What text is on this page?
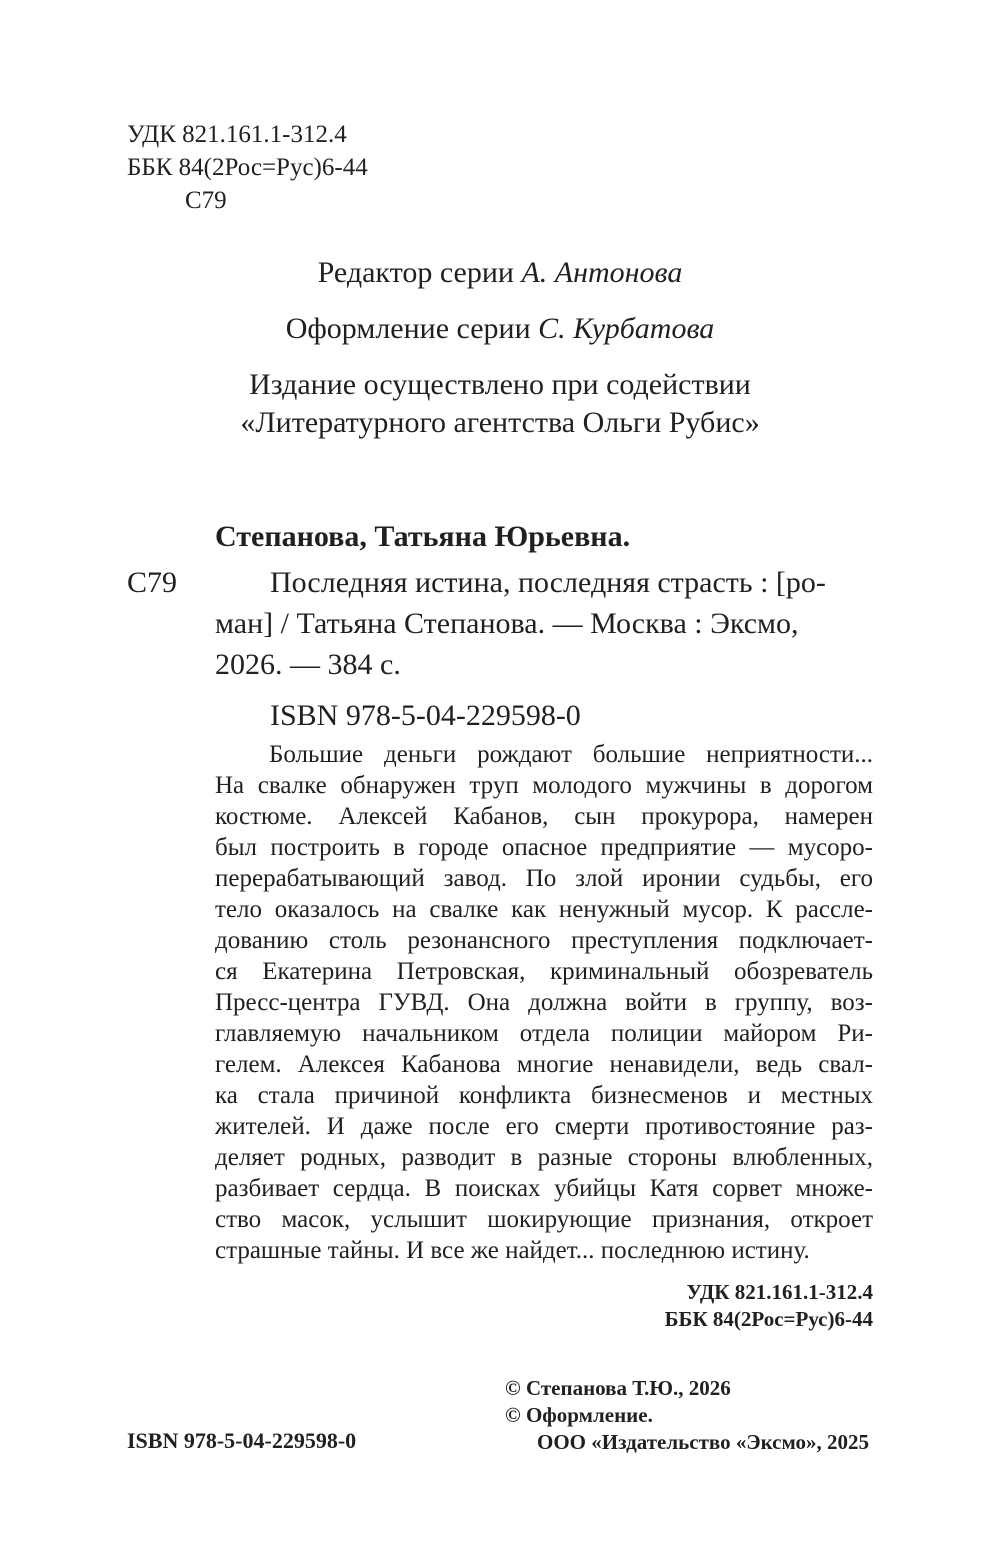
УДК 821.161.1-312.4
ББК 84(2Рос=Рус)6-44
С79
Редактор серии А. Антонова
Оформление серии С. Курбатова
Издание осуществлено при содействии
«Литературного агентства Ольги Рубис»
Степанова, Татьяна Юрьевна.
С79	Последняя истина, последняя страсть : [ро-
ман] / Татьяна Степанова. — Москва : Эксмо,
2026. — 384 с.
ISBN 978-5-04-229598-0
Большие деньги рождают большие неприятности...
На свалке обнаружен труп молодого мужчины в дорогом
костюме. Алексей Кабанов, сын прокурора, намерен
был построить в городе опасное предприятие — мусоро-
перерабатывающий завод. По злой иронии судьбы, его
тело оказалось на свалке как ненужный мусор. К рассле-
дованию столь резонансного преступления подключает-
ся Екатерина Петровская, криминальный обозреватель
Пресс-центра ГУВД. Она должна войти в группу, воз-
главляемую начальником отдела полиции майором Ри-
гелем. Алексея Кабанова многие ненавидели, ведь свал-
ка стала причиной конфликта бизнесменов и местных
жителей. И даже после его смерти противостояние раз-
деляет родных, разводит в разные стороны влюбленных,
разбивает сердца. В поисках убийцы Катя сорвет множе-
ство масок, услышит шокирующие признания, откроет
страшные тайны. И все же найдет... последнюю истину.
УДК 821.161.1-312.4
ББК 84(2Рос=Рус)6-44
© Степанова Т.Ю., 2026
© Оформление.
ООО «Издательство «Эксмо», 2025
ISBN 978-5-04-229598-0
